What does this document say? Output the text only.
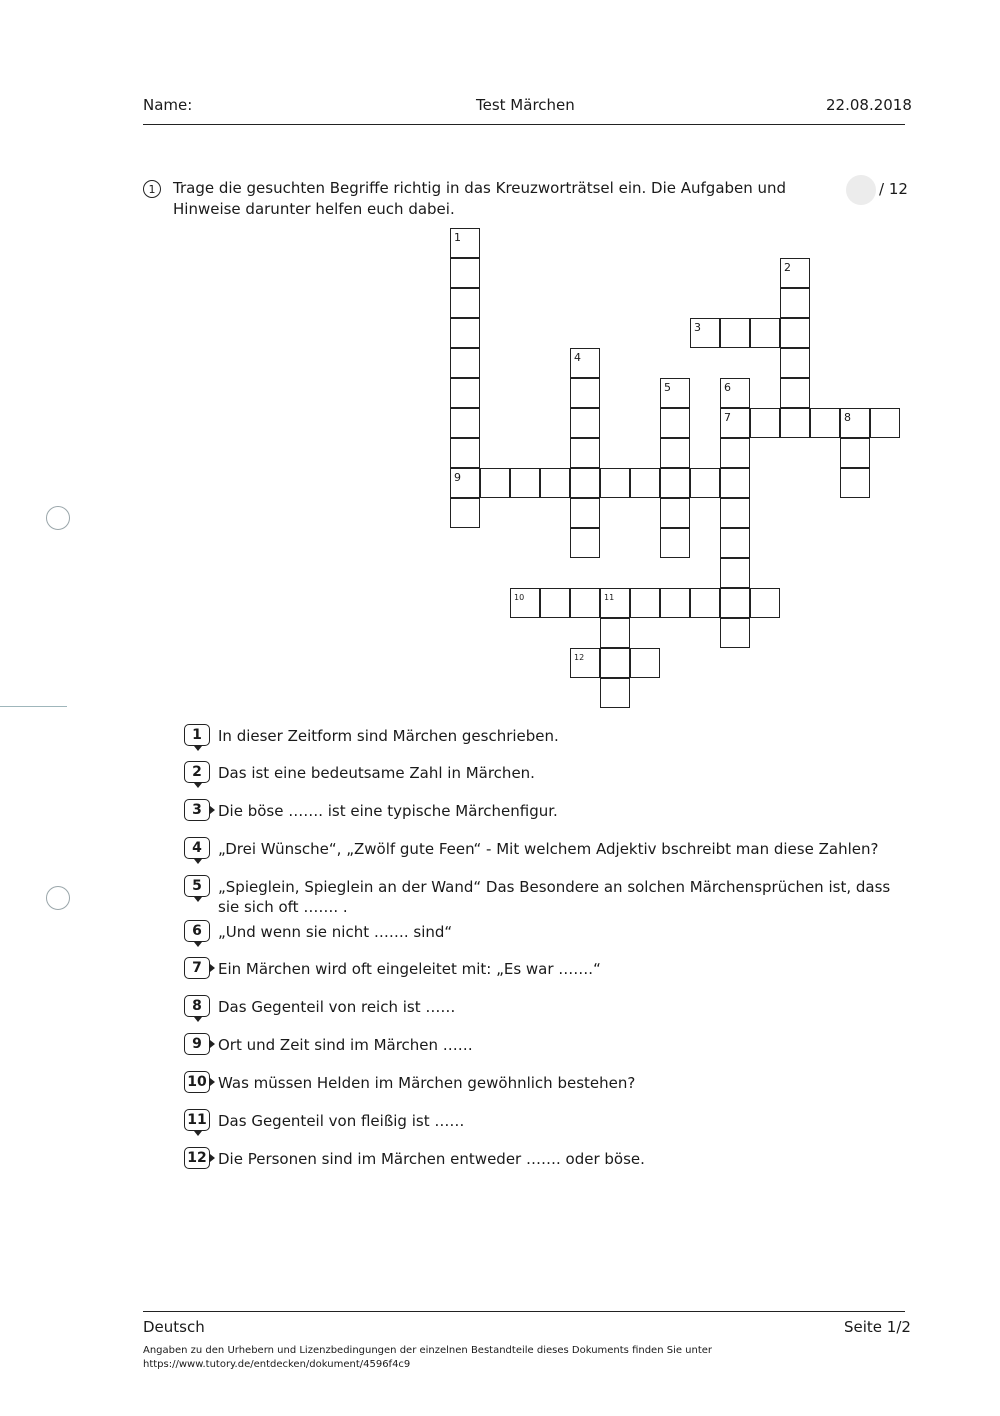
Name:	Test Märchen	22.08.2018
1	Trage die gesuchten Begriffe richtig in das Kreuzworträtsel ein. Die Aufgaben und Hinweise darunter helfen euch dabei.
/ 12
1
9
2
3
4
5	6
7	8
10	11
12
1	In dieser Zeitform sind Märchen geschrieben.
2	Das ist eine bedeutsame Zahl in Märchen.
3	Die böse ……. ist eine typische Märchenfigur.
4	„Drei Wünsche“, „Zwölf gute Feen“ - Mit welchem Adjektiv bschreibt man diese Zahlen?
5	„Spieglein, Spieglein an der Wand“ Das Besondere an solchen Märchensprüchen ist, dass sie sich oft ……. .
6	„Und wenn sie nicht ……. sind“
7	Ein Märchen wird oft eingeleitet mit: „Es war …….“
8	Das Gegenteil von reich ist ……
9	Ort und Zeit sind im Märchen ……
10 Was müssen Helden im Märchen gewöhnlich bestehen?
11 Das Gegenteil von fleißig ist ……
12 Die Personen sind im Märchen entweder ……. oder böse.
Deutsch	Seite 1/2
Angaben zu den Urhebern und Lizenzbedingungen der einzelnen Bestandteile dieses Dokuments finden Sie unter
https://www.tutory.de/entdecken/dokument/4596f4c9
